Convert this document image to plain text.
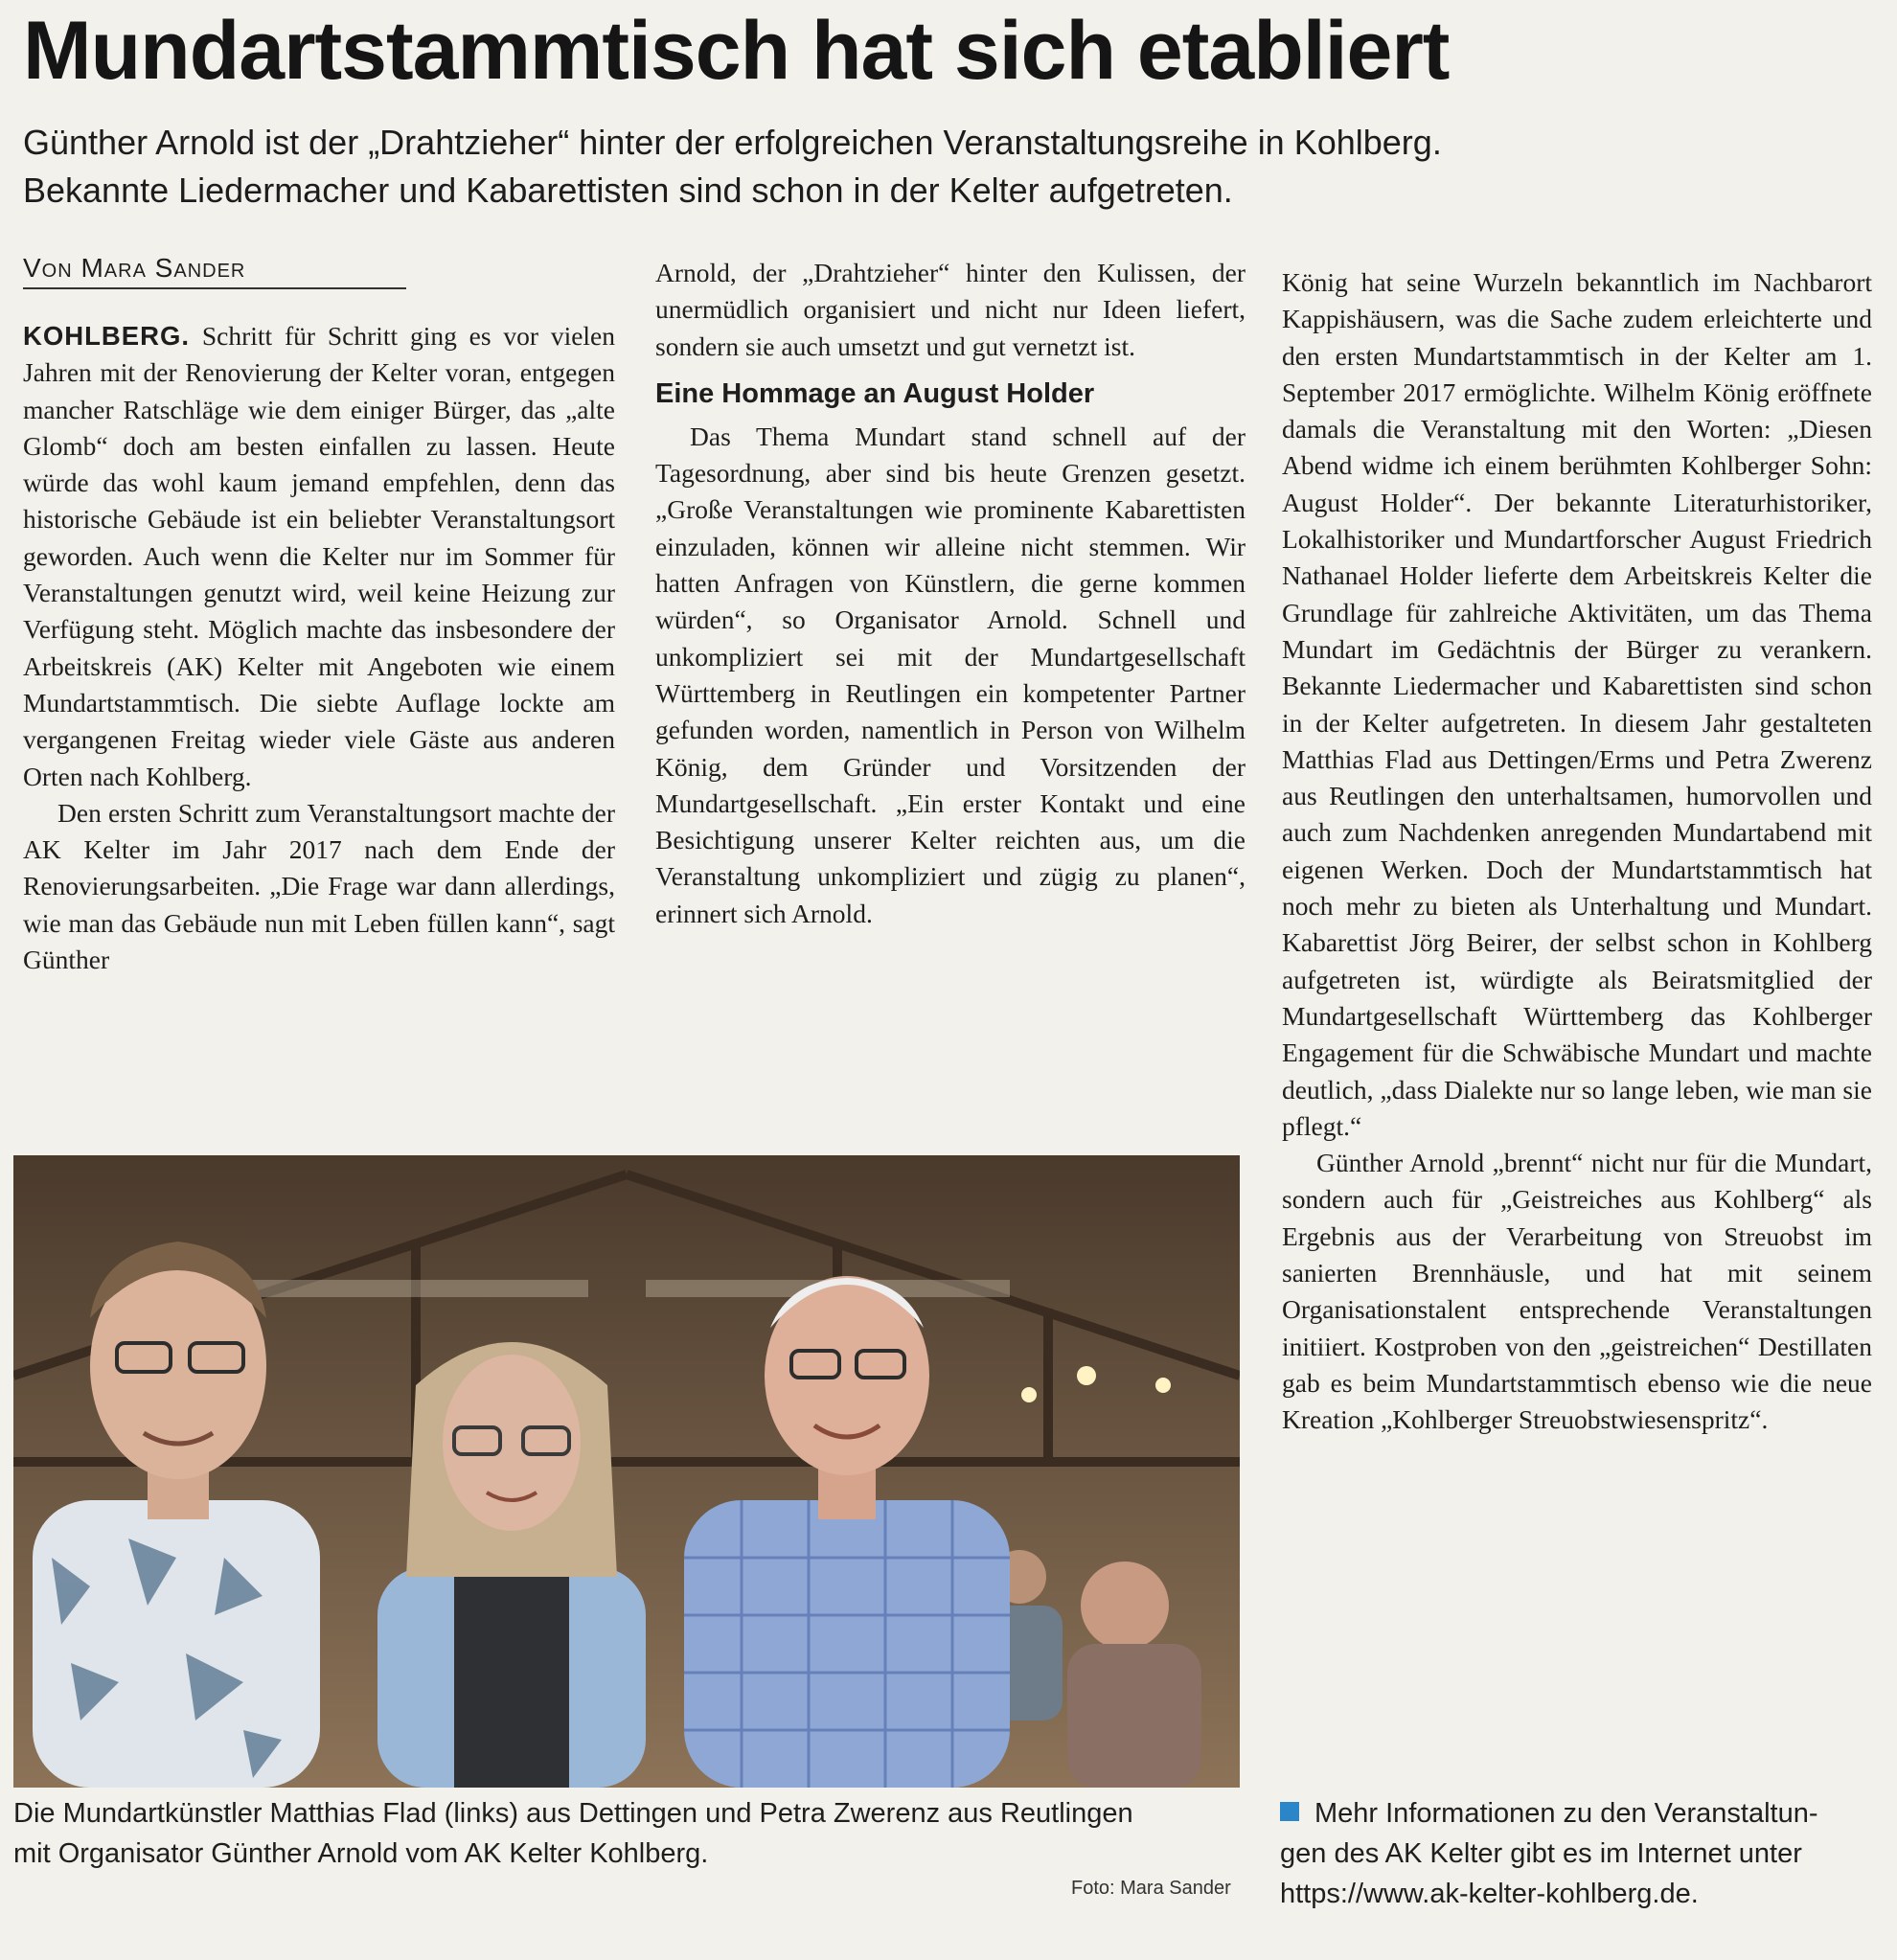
Mundartstammtisch hat sich etabliert
Günther Arnold ist der „Drahtzieher“ hinter der erfolgreichen Veranstaltungsreihe in Kohlberg.
Bekannte Liedermacher und Kabarettisten sind schon in der Kelter aufgetreten.
Von Mara Sander

KOHLBERG. Schritt für Schritt ging es vor vielen Jahren mit der Renovierung der Kelter voran, entgegen mancher Ratschläge wie dem einiger Bürger, das „alte Glomb“ doch am besten einfallen zu lassen. Heute würde das wohl kaum jemand empfehlen, denn das historische Gebäude ist ein beliebter Veranstaltungsort geworden. Auch wenn die Kelter nur im Sommer für Veranstaltungen genutzt wird, weil keine Heizung zur Verfügung steht. Möglich machte das insbesondere der Arbeitskreis (AK) Kelter mit Angeboten wie einem Mundartstammtisch. Die siebte Auflage lockte am vergangenen Freitag wieder viele Gäste aus anderen Orten nach Kohlberg.

Den ersten Schritt zum Veranstaltungsort machte der AK Kelter im Jahr 2017 nach dem Ende der Renovierungsarbeiten. „Die Frage war dann allerdings, wie man das Gebäude nun mit Leben füllen kann“, sagt Günther

Arnold, der „Drahtzieher“ hinter den Kulissen, der unermüdlich organisiert und nicht nur Ideen liefert, sondern sie auch umsetzt und gut vernetzt ist.

Eine Hommage an August Holder

Das Thema Mundart stand schnell auf der Tagesordnung, aber sind bis heute Grenzen gesetzt. „Große Veranstaltungen wie prominente Kabarettisten einzuladen, können wir alleine nicht stemmen. Wir hatten Anfragen von Künstlern, die gerne kommen würden“, so Organisator Arnold. Schnell und unkompliziert sei mit der Mundartgesellschaft Württemberg in Reutlingen ein kompetenter Partner gefunden worden, namentlich in Person von Wilhelm König, dem Gründer und Vorsitzenden der Mundartgesellschaft. „Ein erster Kontakt und eine Besichtigung unserer Kelter reichten aus, um die Veranstaltung unkompliziert und zügig zu planen“, erinnert sich Arnold.

König hat seine Wurzeln bekanntlich im Nachbarort Kappishäusern, was die Sache zudem erleichterte und den ersten Mundartstammtisch in der Kelter am 1. September 2017 ermöglichte. Wilhelm König eröffnete damals die Veranstaltung mit den Worten: „Diesen Abend widme ich einem berühmten Kohlberger Sohn: August Holder“. Der bekannte Literaturhistoriker, Lokalhistoriker und Mundartforscher August Friedrich Nathanael Holder lieferte dem Arbeitskreis Kelter die Grundlage für zahlreiche Aktivitäten, um das Thema Mundart im Gedächtnis der Bürger zu verankern. Bekannte Liedermacher und Kabarettisten sind schon in der Kelter aufgetreten. In diesem Jahr gestalteten Matthias Flad aus Dettingen/Erms und Petra Zwerenz aus Reutlingen den unterhaltsamen, humorvollen und auch zum Nachdenken anregenden Mundartabend mit eigenen Werken. Doch der Mundartstammtisch hat noch mehr zu bieten als Unterhaltung und Mundart. Kabarettist Jörg Beirer, der selbst schon in Kohlberg aufgetreten ist, würdigte als Beiratsmitglied der Mundartgesellschaft Württemberg das Kohlberger Engagement für die Schwäbische Mundart und machte deutlich, „dass Dialekte nur so lange leben, wie man sie pflegt.“

Günther Arnold „brennt“ nicht nur für die Mundart, sondern auch für „Geistreiches aus Kohlberg“ als Ergebnis aus der Verarbeitung von Streuobst im sanierten Brennhäusle, und hat mit seinem Organisationstalent entsprechende Veranstaltungen initiiert. Kostproben von den „geistreichen“ Destillaten gab es beim Mundartstammtisch ebenso wie die neue Kreation „Kohlberger Streuobstwiesenspritz“.

Die Mundartkünstler Matthias Flad (links) aus Dettingen und Petra Zwerenz aus Reutlingen
mit Organisator Günther Arnold vom AK Kelter Kohlberg.
Foto: Mara Sander
Mehr Informationen zu den Veranstaltun-
gen des AK Kelter gibt es im Internet unter
https://www.ak-kelter-kohlberg.de.
